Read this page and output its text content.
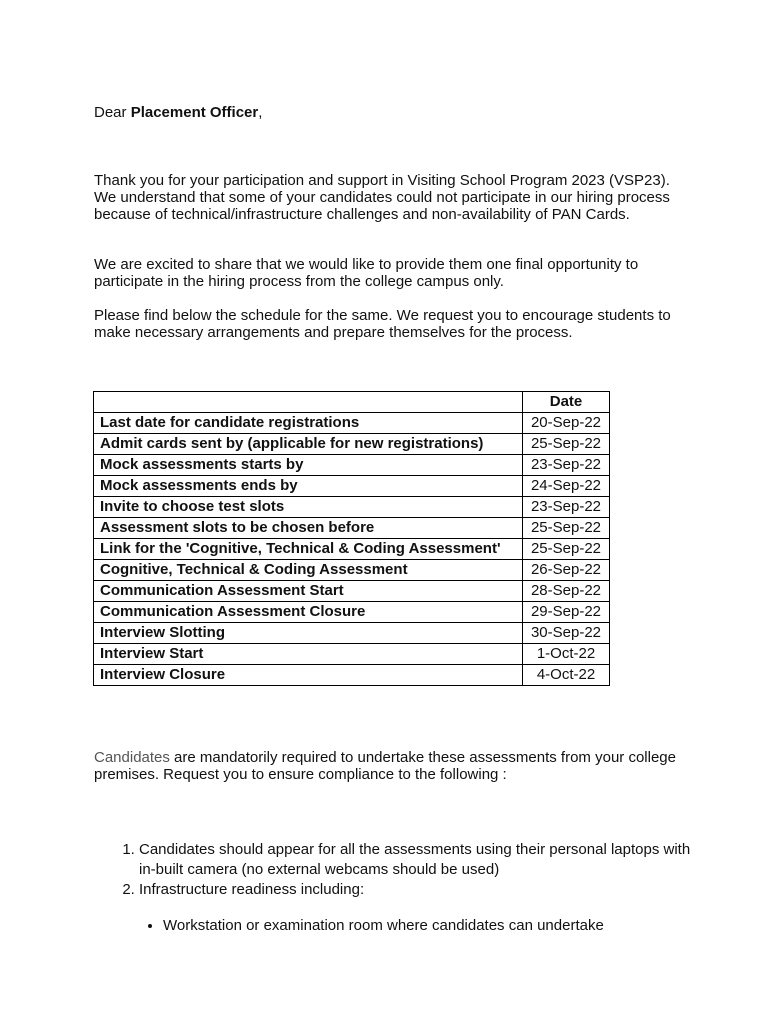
Dear Placement Officer,
Thank you for your participation and support in Visiting School Program 2023 (VSP23). We understand that some of your candidates could not participate in our hiring process because of technical/infrastructure challenges and non-availability of PAN Cards.
We are excited to share that we would like to provide them one final opportunity to participate in the hiring process from the college campus only.
Please find below the schedule for the same. We request you to encourage students to make necessary arrangements and prepare themselves for the process.
	Date
Last date for candidate registrations	20-Sep-22
Admit cards sent by (applicable for new registrations)	25-Sep-22
Mock assessments starts by	23-Sep-22
Mock assessments ends by	24-Sep-22
Invite to choose test slots	23-Sep-22
Assessment slots to be chosen before	25-Sep-22
Link for the 'Cognitive, Technical & Coding Assessment'	25-Sep-22
Cognitive, Technical & Coding Assessment	26-Sep-22
Communication Assessment Start	28-Sep-22
Communication Assessment Closure	29-Sep-22
Interview Slotting	30-Sep-22
Interview Start	1-Oct-22
Interview Closure	4-Oct-22
Candidates are mandatorily required to undertake these assessments from your college premises. Request you to ensure compliance to the following :
1. Candidates should appear for all the assessments using their personal laptops with in-built camera (no external webcams should be used)
2. Infrastructure readiness including:
• Workstation or examination room where candidates can undertake
